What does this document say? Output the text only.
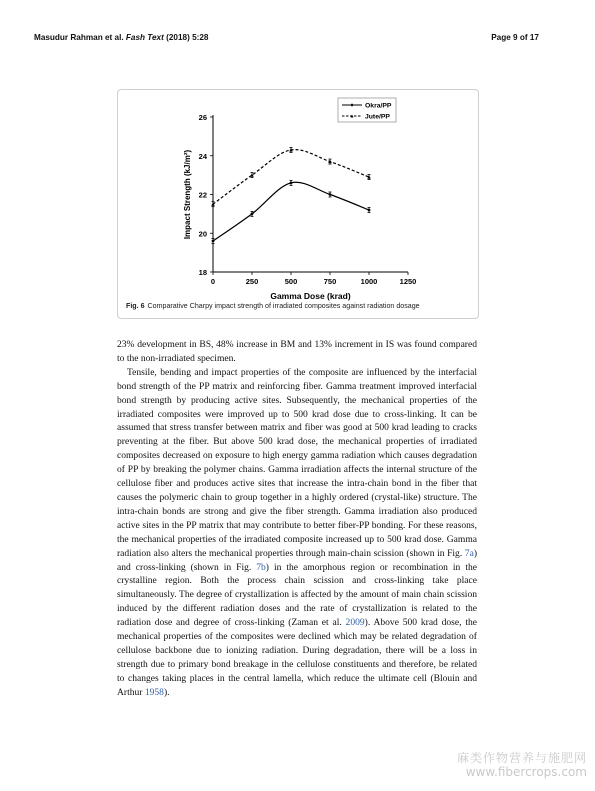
Masudur Rahman et al. Fash Text (2018) 5:28	Page 9 of 17
18
20
22
24
26
0	250	500	750	1000	1250
Gamma Dose (krad)
Impact Strength (kJ/m²)
Okra/PP
Jute/PP
Fig. 6 Comparative Charpy impact strength of irradiated composites against radiation dosage

23% development in BS, 48% increase in BM and 13% increment in IS was found compared to the non-irradiated specimen.

Tensile, bending and impact properties of the composite are influenced by the interfacial bond strength of the PP matrix and reinforcing fiber. Gamma treatment improved interfacial bond strength by producing active sites. Subsequently, the mechanical properties of the irradiated composites were improved up to 500 krad dose due to cross-linking. It can be assumed that stress transfer between matrix and fiber was good at 500 krad leading to cracks preventing at the fiber. But above 500 krad dose, the mechanical properties of irradiated composites decreased on exposure to high energy gamma radiation which causes degradation of PP by breaking the polymer chains. Gamma irradiation affects the internal structure of the cellulose fiber and produces active sites that increase the intra-chain bond in the fiber that causes the polymeric chain to group together in a highly ordered (crystal-like) structure. The intra-chain bonds are strong and give the fiber strength. Gamma irradiation also produced active sites in the PP matrix that may contribute to better fiber-PP bonding. For these reasons, the mechanical properties of the irradiated composite increased up to 500 krad dose. Gamma radiation also alters the mechanical properties through main-chain scission (shown in Fig. 7a) and cross-linking (shown in Fig. 7b) in the amorphous region or recombination in the crystalline region. Both the process chain scission and cross-linking take place simultaneously. The degree of crystallization is affected by the amount of main chain scission induced by the different radiation doses and the rate of crystallization is related to the radiation dose and degree of cross-linking (Zaman et al. 2009). Above 500 krad dose, the mechanical properties of the composites were declined which may be related degradation of cellulose backbone due to ionizing radiation. During degradation, there will be a loss in strength due to primary bond breakage in the cellulose constituents and therefore, be related to changes taking places in the central lamella, which reduce the ultimate cell (Blouin and Arthur 1958).

麻类作物营养与施肥网
www.fibercrops.com
